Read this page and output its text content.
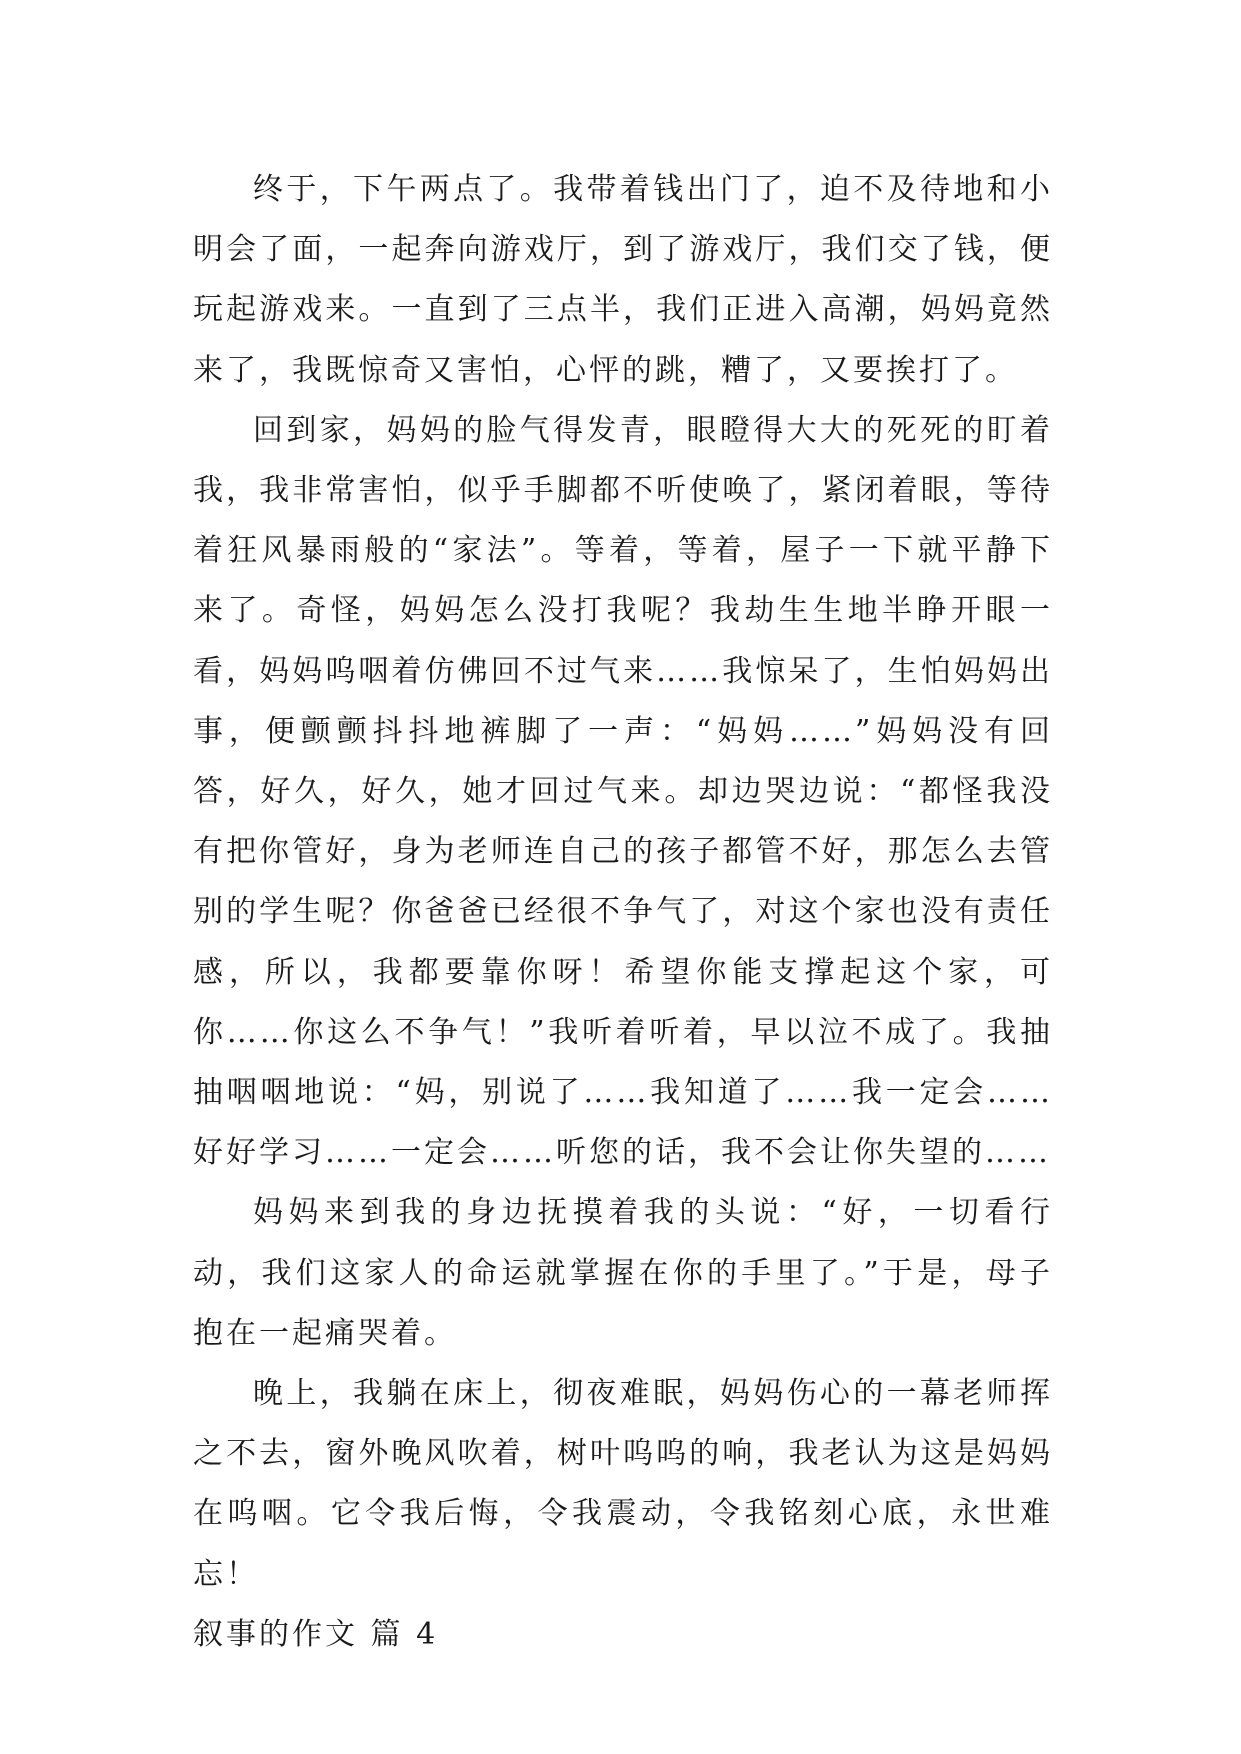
终于，下午两点了。我带着钱出门了，迫不及待地和小明会了面，一起奔向游戏厅，到了游戏厅，我们交了钱，便玩起游戏来。一直到了三点半，我们正进入高潮，妈妈竟然来了，我既惊奇又害怕，心怦的跳，糟了，又要挨打了。

回到家，妈妈的脸气得发青，眼瞪得大大的死死的盯着我，我非常害怕，似乎手脚都不听使唤了，紧闭着眼，等待着狂风暴雨般的“家法”。等着，等着，屋子一下就平静下来了。奇怪，妈妈怎么没打我呢？我劫生生地半睁开眼一看，妈妈呜咽着仿佛回不过气来……我惊呆了，生怕妈妈出事，便颤颤抖抖地裤脚了一声：“妈妈……”妈妈没有回答，好久，好久，她才回过气来。却边哭边说：“都怪我没有把你管好，身为老师连自己的孩子都管不好，那怎么去管别的学生呢？你爸爸已经很不争气了，对这个家也没有责任感，所以，我都要靠你呀！希望你能支撑起这个家，可你……你这么不争气！”我听着听着，早以泣不成了。我抽抽咽咽地说：“妈，别说了……我知道了……我一定会……好好学习……一定会……听您的话，我不会让你失望的……

妈妈来到我的身边抚摸着我的头说：“好，一切看行动，我们这家人的命运就掌握在你的手里了。”于是，母子抱在一起痛哭着。

晚上，我躺在床上，彻夜难眠，妈妈伤心的一幕老师挥之不去，窗外晚风吹着，树叶呜呜的响，我老认为这是妈妈在呜咽。它令我后悔，令我震动，令我铭刻心底，永世难忘！

叙事的作文 篇 4
